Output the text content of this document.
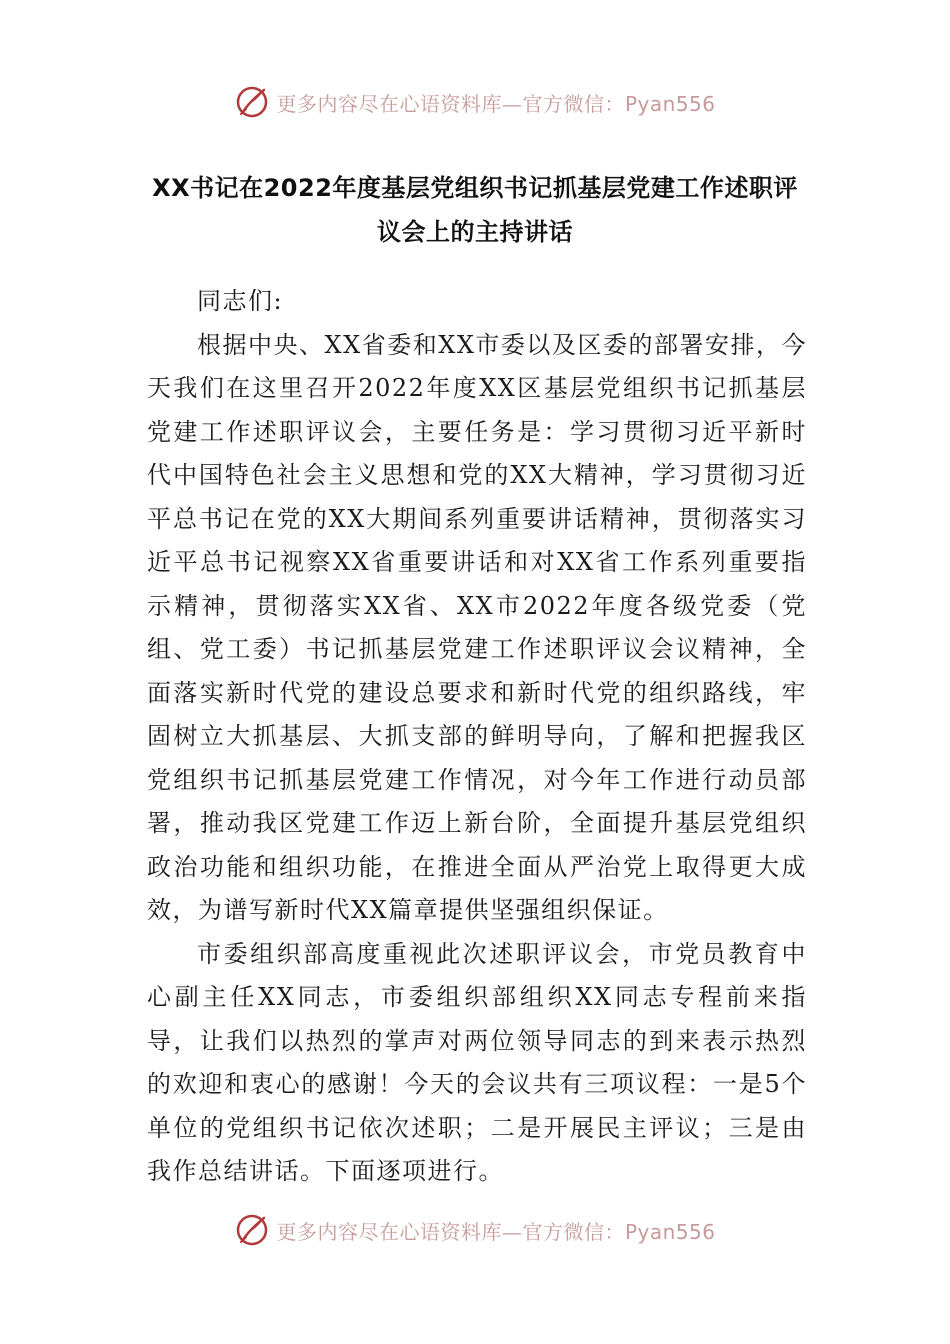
更多内容尽在心语资料库—官方微信：Pyan556
XX书记在2022年度基层党组织书记抓基层党建工作述职评议会上的主持讲话

同志们:

根据中央、XX省委和XX市委以及区委的部署安排，今天我们在这里召开2022年度XX区基层党组织书记抓基层党建工作述职评议会，主要任务是：学习贯彻习近平新时代中国特色社会主义思想和党的XX大精神，学习贯彻习近平总书记在党的XX大期间系列重要讲话精神，贯彻落实习近平总书记视察XX省重要讲话和对XX省工作系列重要指示精神，贯彻落实XX省、XX市2022年度各级党委（党组、党工委）书记抓基层党建工作述职评议会议精神，全面落实新时代党的建设总要求和新时代党的组织路线，牢固树立大抓基层、大抓支部的鲜明导向，了解和把握我区党组织书记抓基层党建工作情况，对今年工作进行动员部署，推动我区党建工作迈上新台阶，全面提升基层党组织政治功能和组织功能，在推进全面从严治党上取得更大成效，为谱写新时代XX篇章提供坚强组织保证。

市委组织部高度重视此次述职评议会，市党员教育中心副主任XX同志，市委组织部组织XX同志专程前来指导，让我们以热烈的掌声对两位领导同志的到来表示热烈的欢迎和衷心的感谢！今天的会议共有三项议程：一是5个单位的党组织书记依次述职；二是开展民主评议；三是由我作总结讲话。下面逐项进行。

更多内容尽在心语资料库—官方微信：Pyan556
